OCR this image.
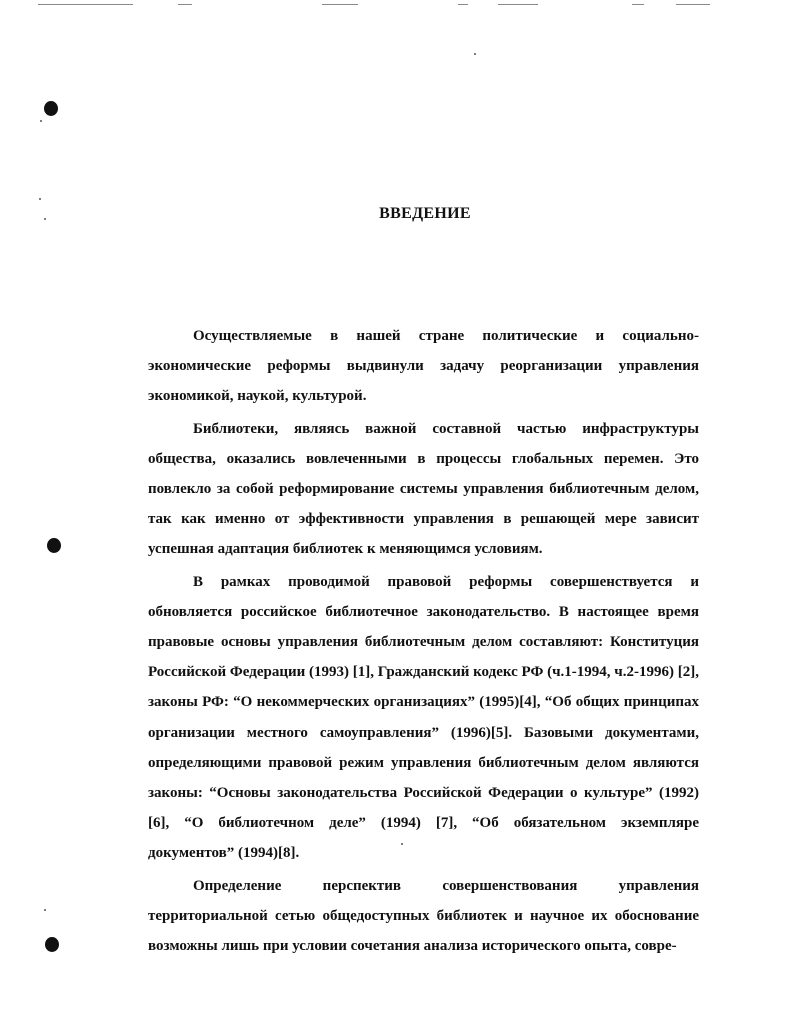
ВВЕДЕНИЕ

Осуществляемые в нашей стране политические и социально-экономические реформы выдвинули задачу реорганизации управления экономикой, наукой, культурой.

Библиотеки, являясь важной составной частью инфраструктуры общества, оказались вовлеченными в процессы глобальных перемен. Это повлекло за собой реформирование системы управления библиотечным делом, так как именно от эффективности управления в решающей мере зависит успешная адаптация библиотек к меняющимся условиям.

В рамках проводимой правовой реформы совершенствуется и обновляется российское библиотечное законодательство. В настоящее время правовые основы управления библиотечным делом составляют: Конституция Российской Федерации (1993) [1], Гражданский кодекс РФ (ч.1-1994, ч.2-1996) [2], законы РФ: “О некоммерческих организациях” (1995)[4], “Об общих принципах организации местного самоуправления” (1996)[5]. Базовыми документами, определяющими правовой режим управления библиотечным делом являются законы: “Основы законодательства Российской Федерации о культуре” (1992) [6], “О библиотечном деле” (1994) [7], “Об обязательном экземпляре документов” (1994)[8].

Определение перспектив совершенствования управления территориальной сетью общедоступных библиотек и научное их обоснование возможны лишь при условии сочетания анализа исторического опыта, совре-
